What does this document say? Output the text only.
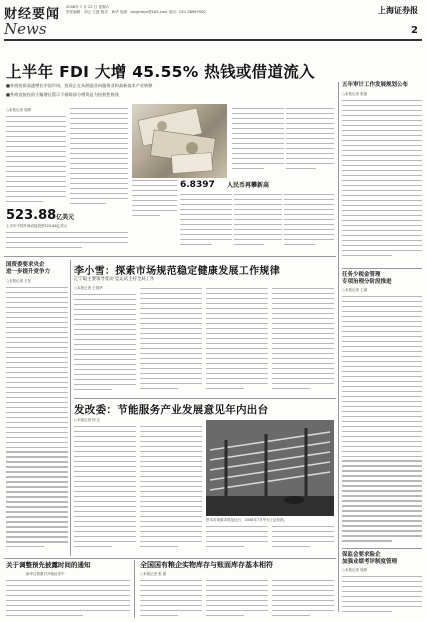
财经要闻
News
2008年 7 月 22 日 星期六
责任编辑：刘云 王建 版式：黄华 电邮：qingmeys@163.com 电话：021-38967000	上海证券报
2
上半年 FDI 大增 45.55% 热钱或借道流入
■外商投资高速增长中国市场，投资正在从制造业向服务业和高新技术产业转移
■外商直接投资大幅增长暂示不排除部分增资是为投机性热钱
○本报记者 周婷
523.88亿美元
上半年中国外商直接投资523.88亿美元
6.8397 人民币再攀新高
五年审计工作发展规划公布
○本报记者 张斌
国资委要求央企
进一步提升竞争力
○本报记者 王坚
李小雪：探索市场规范稳定健康发展工作规律
辽宁取主要领导变动 竞运试主持全局工作
○本报记者 王国华
任务少税金管理
专项治理分阶段推进
○本报记者 王斌
发改委：节能服务产业发展意见年内出台
○本报记者 何 正
资本市场要求规范运行，2008年7月中旬上证综指。
关于调整预先披露时间的通知
新华社郑重对开始征求中
全国国有粮企实物库存与账面库存基本相符
○本报记者 张 斌
保监会要求险企
加强业绩考评制度管理
○本报记者 周婷
